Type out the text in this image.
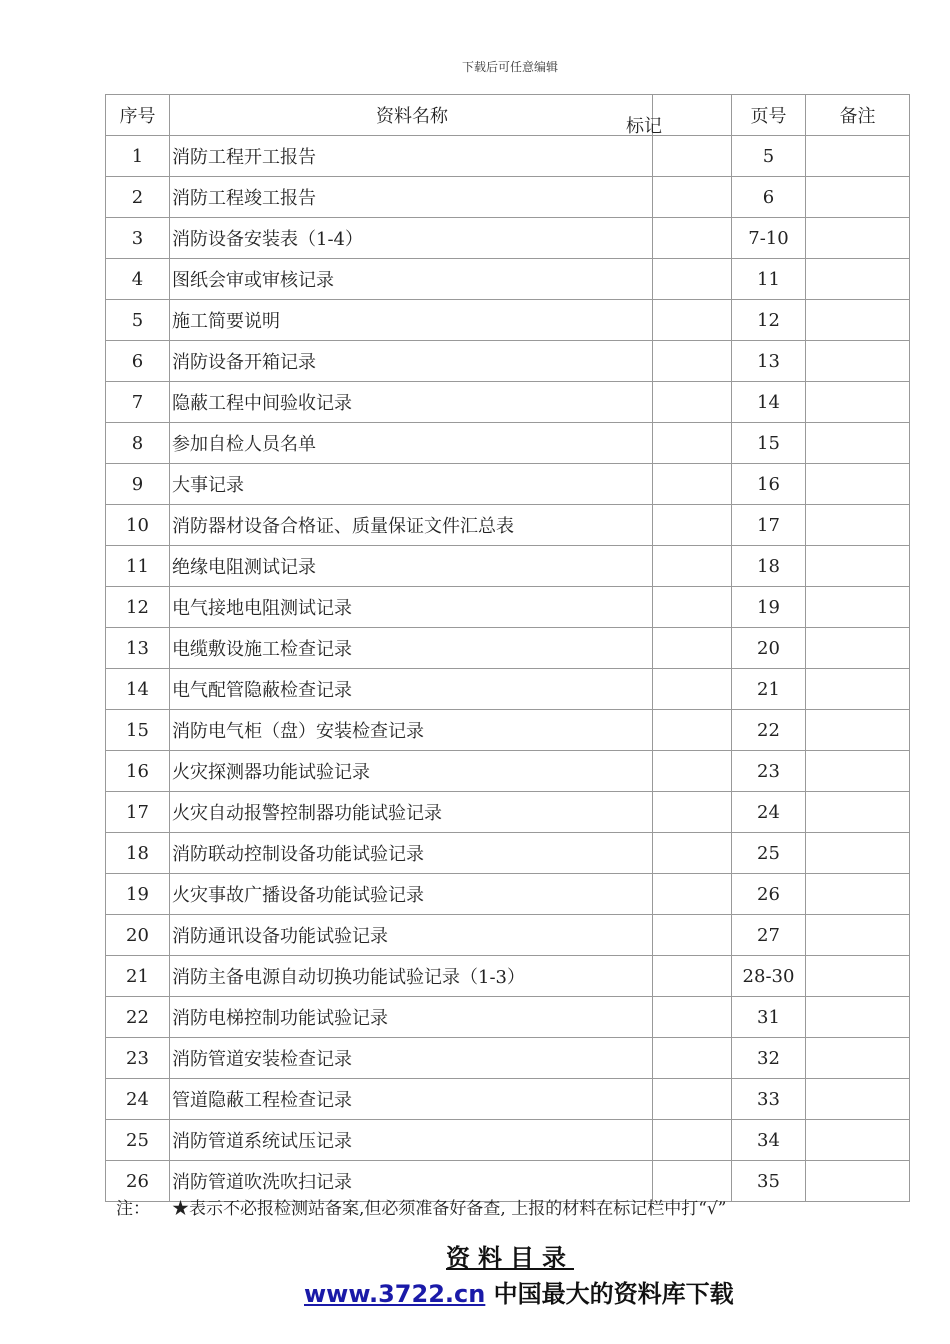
下载后可任意编辑
序号	资料名称 标记		页号	备注
1	消防工程开工报告		5	
2	消防工程竣工报告		6	
3	消防设备安装表（1-4）		7-10	
4	图纸会审或审核记录		11	
5	施工简要说明		12	
6	消防设备开箱记录		13	
7	隐蔽工程中间验收记录		14	
8	参加自检人员名单		15	
9	大事记录		16	
10	消防器材设备合格证、质量保证文件汇总表		17	
11	绝缘电阻测试记录		18	
12	电气接地电阻测试记录		19	
13	电缆敷设施工检查记录		20	
14	电气配管隐蔽检查记录		21	
15	消防电气柜（盘）安装检查记录		22	
16	火灾探测器功能试验记录		23	
17	火灾自动报警控制器功能试验记录		24	
18	消防联动控制设备功能试验记录		25	
19	火灾事故广播设备功能试验记录		26	
20	消防通讯设备功能试验记录		27	
21	消防主备电源自动切换功能试验记录（1-3）		28-30	
22	消防电梯控制功能试验记录		31	
23	消防管道安装检查记录		32	
24	管道隐蔽工程检查记录		33	
25	消防管道系统试压记录		34	
26	消防管道吹洗吹扫记录		35	
注： ★表示不必报检测站备案,但必须准备好备查, 上报的材料在标记栏中打“√”
资料目录
www.3722.cn 中国最大的资料库下载
